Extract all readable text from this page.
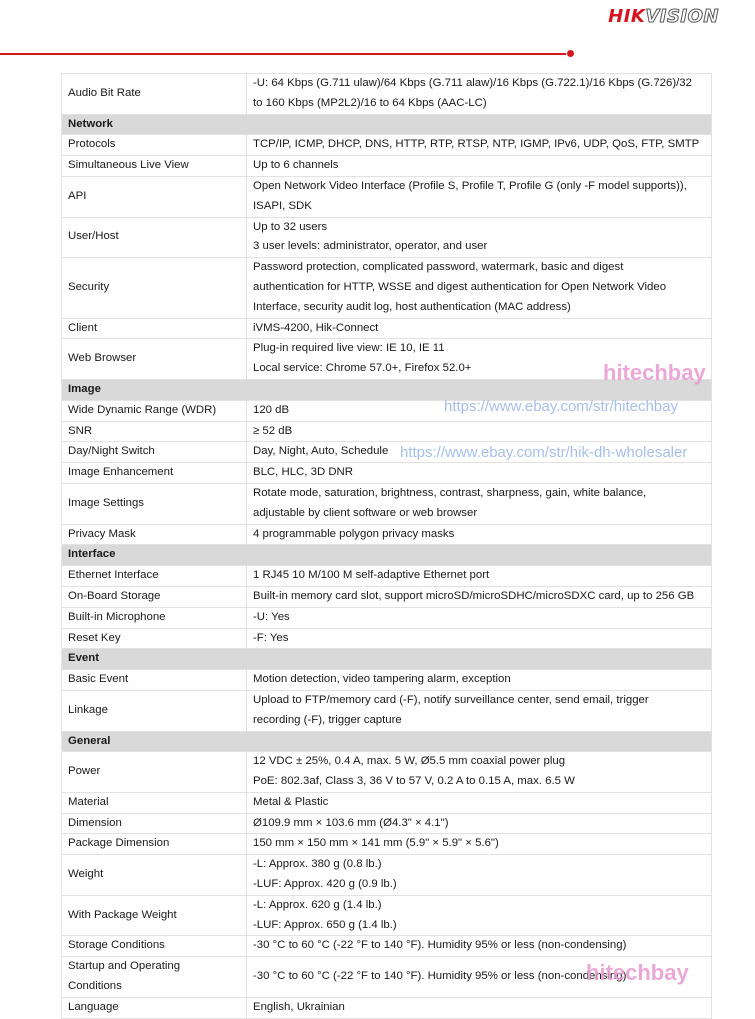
HIKVISION
Audio Bit Rate	-U: 64 Kbps (G.711 ulaw)/64 Kbps (G.711 alaw)/16 Kbps (G.722.1)/16 Kbps (G.726)/32
to 160 Kbps (MP2L2)/16 to 64 Kbps (AAC-LC)

Network	
Protocols	TCP/IP, ICMP, DHCP, DNS, HTTP, RTP, RTSP, NTP, IGMP, IPv6, UDP, QoS, FTP, SMTP

Simultaneous Live View	Up to 6 channels

API	Open Network Video Interface (Profile S, Profile T, Profile G (only -F model supports)),
ISAPI, SDK

User/Host	Up to 32 users
3 user levels: administrator, operator, and user

Security	Password protection, complicated password, watermark, basic and digest
authentication for HTTP, WSSE and digest authentication for Open Network Video
Interface, security audit log, host authentication (MAC address)

Client	iVMS-4200, Hik-Connect

Web Browser	Plug-in required live view: IE 10, IE 11
Local service: Chrome 57.0+, Firefox 52.0+

Image	
Wide Dynamic Range (WDR)	120 dB

SNR	≥ 52 dB

Day/Night Switch	Day, Night, Auto, Schedule

Image Enhancement	BLC, HLC, 3D DNR

Image Settings	Rotate mode, saturation, brightness, contrast, sharpness, gain, white balance,
adjustable by client software or web browser

Privacy Mask	4 programmable polygon privacy masks

Interface	
Ethernet Interface	1 RJ45 10 M/100 M self-adaptive Ethernet port

On-Board Storage	Built-in memory card slot, support microSD/microSDHC/microSDXC card, up to 256 GB

Built-in Microphone	-U: Yes

Reset Key	-F: Yes

Event	
Basic Event	Motion detection, video tampering alarm, exception

Linkage	Upload to FTP/memory card (-F), notify surveillance center, send email, trigger
recording (-F), trigger capture

General	
Power	12 VDC ± 25%, 0.4 A, max. 5 W, Ø5.5 mm coaxial power plug
PoE: 802.3af, Class 3, 36 V to 57 V, 0.2 A to 0.15 A, max. 6.5 W

Material	Metal & Plastic

Dimension	Ø109.9 mm × 103.6 mm (Ø4.3" × 4.1")

Package Dimension	150 mm × 150 mm × 141 mm (5.9" × 5.9" × 5.6")

Weight	-L: Approx. 380 g (0.8 lb.)
-LUF: Approx. 420 g (0.9 lb.)

With Package Weight	-L: Approx. 620 g (1.4 lb.)
-LUF: Approx. 650 g (1.4 lb.)

Storage Conditions	-30 °C to 60 °C (-22 °F to 140 °F). Humidity 95% or less (non-condensing)

Startup and Operating
Conditions	-30 °C to 60 °C (-22 °F to 140 °F). Humidity 95% or less (non-condensing)

Language	English, Ukrainian
hitechbay
https://www.ebay.com/str/hitechbay
https://www.ebay.com/str/hik-dh-wholesaler
hitechbay
